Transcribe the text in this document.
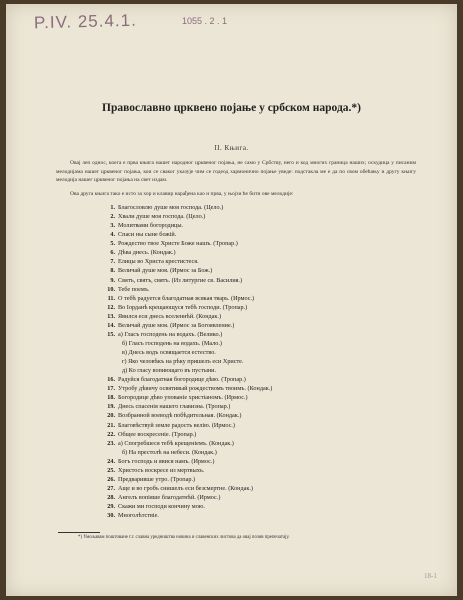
P.IV. 25.4.1.	1055 . 2 . 1
Православно црквено појање у србском народа.*)
II. Књига.
Овај леп однос, коега е прва књига нашег народног црквеног појања, не само у Србству, него и код многих граница наших; оскудица у писаним мелодијама нашег црквеног појања, кои се сваког указује чим се годеод хармонично појање уведе: подстакла ме е да по свом обећању и другу књигу мелодија нашег црквеног појања на свет издам.
Ова друга књига тако е исто за хор и клавир нарађена као и прва, у њојзи ће бити ове мелодије:
1. Благословлю душе моя господа. (Цело.)
2. Хвали душе моя господа. (Цело.)
3. Молитвами богородицы.
4. Спаси ны сыне божій.
5. Рождество твое Христе Боже нашъ. (Тропар.)
6. Дѣва днесь. (Кондак.)
7. Елицы во Христа крестистеся.
8. Величай душе моя. (Ирмос за Бож.)
9. Святъ, святъ, святъ. (Из литургие св. Василия.)
10. Тебе поемъ.
11. О тебѣ радуется благодатная всякая тварь. (Ирмос.)
12. Во Іорданѣ крещающуся тебѣ господи. (Тропар.)
13. Явился еси днесь вселеннѣй. (Кондак.)
14. Величай душе моя. (Ирмос за Богоявление.)
15. а) Гласъ господень на водахъ. (Велико.)
б) Гласъ господень на водахъ. (Мало.)
в) Днесь водъ освящается естество.
г) Яко человѣкъ на рѣку пришелъ еси Христе.
д) Ко гласу вопиющаго въ пустыни.
16. Радуйся благодатная богородице дѣво. (Тропар.)
17. Утробу дѣвичу освятивый рождествомъ твоимъ. (Кондак.)
18. Богородице дѣво упованіе христіаномъ. (Ирмос.)
19. Днесь спасенія нашего главизна. (Тропар.)
20. Возбранной воеводѣ побѣдительная. (Кондак.)
21. Благовѣствуй земле радость велію. (Ирмос.)
22. Общее воскресеніе. (Тропар.)
23. а) Спогребшеся тебѣ крещеніемъ. (Кондак.)
б) На престолѣ на небеси. (Кондак.)
24. Богъ господь и явися намъ. (Ирмос.)
25. Христосъ воскресе из мертвыхъ.
26. Предваривше утро. (Тропар.)
27. Аще и во гробъ снишелъ еси безсмертне. (Кондак.)
28. Ангелъ вопіяше благодатнѣй. (Ирмос.)
29. Скажи ми господи кончину мою.
30. Многолѣтствіе.
*) Умољавам поштоване г.г. славна уредништва новина и славенских листова да овај позив препечатају.
18-1
